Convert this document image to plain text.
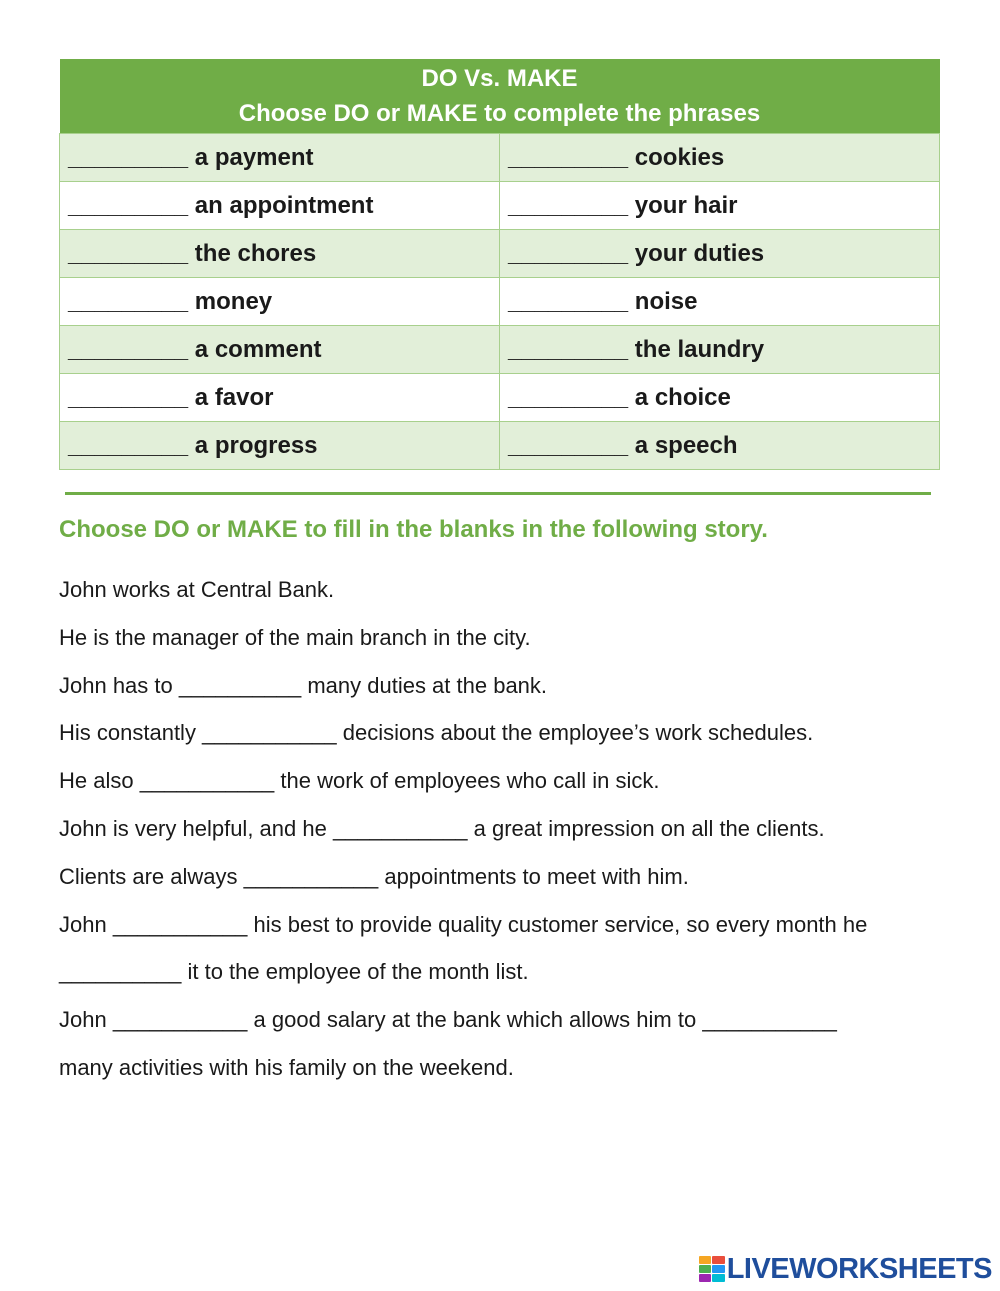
DO Vs. MAKE
Choose DO or MAKE to complete the phrases	

_________ a payment	_________ cookies
_________ an appointment	_________ your hair
_________ the chores	_________ your duties
_________ money	_________ noise
_________ a comment	_________ the laundry
_________ a favor	_________ a choice
_________ a progress	_________ a speech
Choose DO or MAKE to fill in the blanks in the following story.
John works at Central Bank.
He is the manager of the main branch in the city.
John has to __________ many duties at the bank.
His constantly ___________ decisions about the employee’s work schedules.
He also ___________ the work of employees who call in sick.
John is very helpful, and he ___________ a great impression on all the clients.
Clients are always ___________ appointments to meet with him.
John ___________ his best to provide quality customer service, so every month he
__________ it to the employee of the month list.
John ___________ a good salary at the bank which allows him to ___________
many activities with his family on the weekend.
LIVEWORKSHEETS
